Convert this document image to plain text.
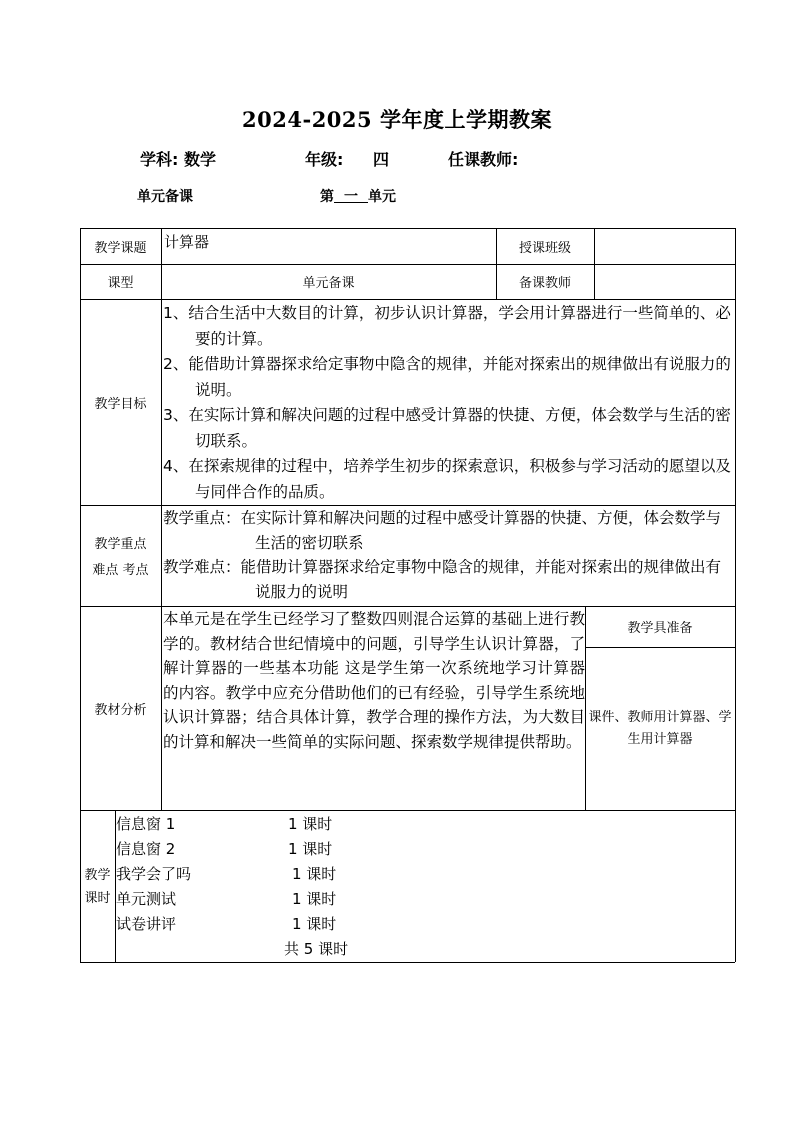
2024-2025 学年度上学期教案
学科: 数学	年级: 四	任课教师:
单元备课	第 一 单元
教学课题	计算器	授课班级
课型	单元备课	备课教师
教学目标

1、结合生活中大数目的计算，初步认识计算器，学会用计算器进行一些简单的、必要的计算。

2、能借助计算器探求给定事物中隐含的规律，并能对探索出的规律做出有说服力的说明。

3、在实际计算和解决问题的过程中感受计算器的快捷、方便，体会数学与生活的密切联系。

4、在探索规律的过程中，培养学生初步的探索意识，积极参与学习活动的愿望以及与同伴合作的品质。

教学重点
难点 考点

教学重点：在实际计算和解决问题的过程中感受计算器的快捷、方便，体会数学与生活的密切联系

教学难点：能借助计算器探求给定事物中隐含的规律，并能对探索出的规律做出有说服力的说明

教材分析
本单元是在学生已经学习了整数四则混合运算的基础上进行教学的。教材结合世纪情境中的问题，引导学生认识计算器，了解计算器的一些基本功能 这是学生第一次系统地学习计算器的内容。教学中应充分借助他们的已有经验，引导学生系统地认识计算器；结合具体计算，教学合理的操作方法，为大数目的计算和解决一些简单的实际问题、探索数学规律提供帮助。
教学具准备
课件、教师用计算器、学生用计算器
教学
课时
信息窗 1	1 课时
信息窗 2	1 课时
我学会了吗	1 课时
单元测试	1 课时
试卷讲评	1 课时
共 5 课时
